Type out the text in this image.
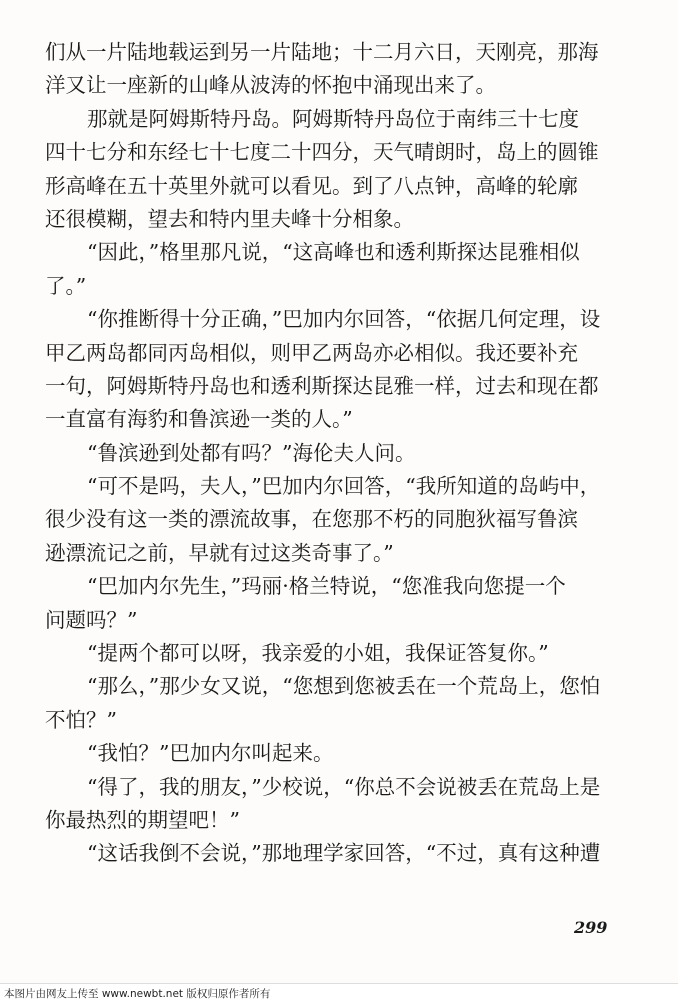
们从一片陆地载运到另一片陆地；十二月六日，天刚亮，那海
洋又让一座新的山峰从波涛的怀抱中涌现出来了。
那就是阿姆斯特丹岛。阿姆斯特丹岛位于南纬三十七度
四十七分和东经七十七度二十四分，天气晴朗时，岛上的圆锥
形高峰在五十英里外就可以看见。到了八点钟，高峰的轮廓
还很模糊，望去和特内里夫峰十分相象。
“因此，”格里那凡说，“这高峰也和透利斯探达昆雅相似
了。”
“你推断得十分正确，”巴加内尔回答，“依据几何定理，设
甲乙两岛都同丙岛相似，则甲乙两岛亦必相似。我还要补充
一句，阿姆斯特丹岛也和透利斯探达昆雅一样，过去和现在都
一直富有海豹和鲁滨逊一类的人。”
“鲁滨逊到处都有吗？”海伦夫人问。
“可不是吗，夫人，”巴加内尔回答，“我所知道的岛屿中，
很少没有这一类的漂流故事，在您那不朽的同胞狄福写鲁滨
逊漂流记之前，早就有过这类奇事了。”
“巴加内尔先生，”玛丽·格兰特说，“您准我向您提一个
问题吗？”
“提两个都可以呀，我亲爱的小姐，我保证答复你。”
“那么，”那少女又说，“您想到您被丢在一个荒岛上，您怕
不怕？”
“我怕？”巴加内尔叫起来。
“得了，我的朋友，”少校说，“你总不会说被丢在荒岛上是
你最热烈的期望吧！”
“这话我倒不会说，”那地理学家回答，“不过，真有这种遭
299
本图片由网友上传至 www.newbt.net 版权归原作者所有
